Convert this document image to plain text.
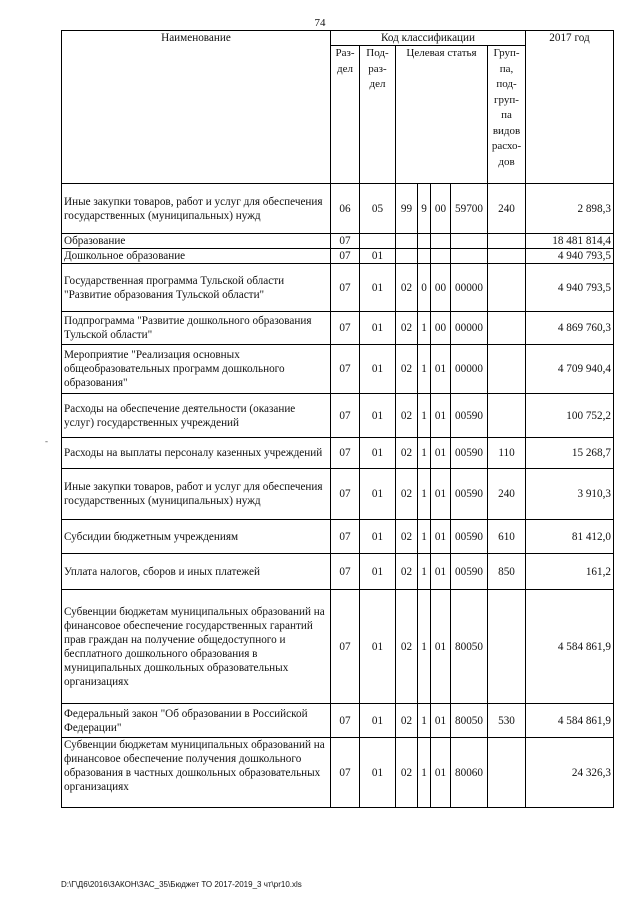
74
Наименование	Код классификации							2017 год
	Раз-дел	Под-раз-дел	Целевая статья				Груп-па, под-груп-па видов расхо-дов	
Иные закупки товаров, работ и услуг для обеспечения государственных (муниципальных) нужд	06	05	99	9	00	59700	240	2 898,3
Образование	07							18 481 814,4
Дошкольное образование	07	01						4 940 793,5
Государственная программа Тульской области "Развитие образования Тульской области"	07	01	02	0	00	00000		4 940 793,5
Подпрограмма "Развитие дошкольного образования Тульской области"	07	01	02	1	00	00000		4 869 760,3
Мероприятие "Реализация основных общеобразовательных программ дошкольного образования"	07	01	02	1	01	00000		4 709 940,4
Расходы на обеспечение деятельности (оказание услуг) государственных учреждений	07	01	02	1	01	00590		100 752,2
Расходы на выплаты персоналу казенных учреждений	07	01	02	1	01	00590	110	15 268,7
Иные закупки товаров, работ и услуг для обеспечения государственных (муниципальных) нужд	07	01	02	1	01	00590	240	3 910,3
Субсидии бюджетным учреждениям	07	01	02	1	01	00590	610	81 412,0
Уплата налогов, сборов и иных платежей	07	01	02	1	01	00590	850	161,2
Субвенции бюджетам муниципальных образований на финансовое обеспечение государственных гарантий прав граждан на получение общедоступного и бесплатного дошкольного образования в муниципальных дошкольных образовательных организациях	07	01	02	1	01	80050		4 584 861,9
Федеральный закон "Об образовании в Российской Федерации"	07	01	02	1	01	80050	530	4 584 861,9
Субвенции бюджетам муниципальных образований на финансовое обеспечение получения дошкольного образования в частных дошкольных образовательных организациях	07	01	02	1	01	80060		24 326,3
-
D:\Г\Д6\2016\ЗАКОН\ЗАС_35\Бюджет ТО 2017-2019_3 чт\pr10.xls
